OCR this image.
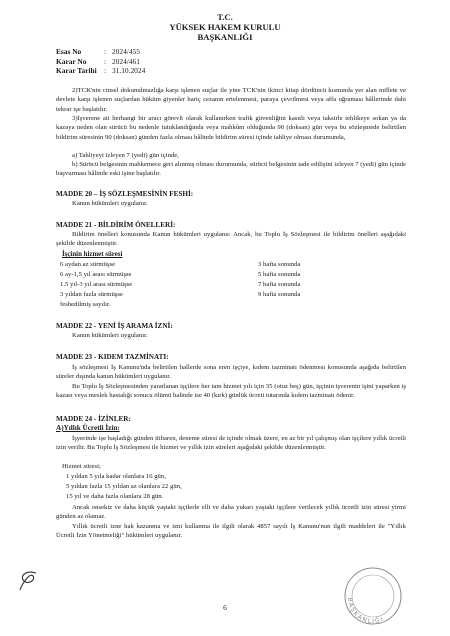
T.C.
YÜKSEK HAKEM KURULU
BAŞKANLIĞI
Esas No	: 2024/455
Karar No : 2024/461
Karar Tarihi : 31.10.2024
2)TCK'nin cinsel dokunulmazlığa karşı işlenen suçlar ile yine TCK'nin ikinci kitap dördüncü kısmında yer alan millete ve devlete karşı işlenen suçlardan hüküm giyenler hariç cezanın ertelenmesi, paraya çevrilmesi veya affa uğraması hâllerinde dahi tekrar işe başlatılır.
3)İşverene ait herhangi bir aracı görevli olarak kullanırken trafik güvenliğini kasıtlı veya taksirle tehlikeye sokan ya da kazaya neden olan sürücü bu nedenle tutuklandığında veya mahkûm olduğunda 90 (doksan) gün veya bu sözleşmede belirtilen bildirim süresinin 90 (doksan) günden fazla olması hâlinde bildirim süresi içinde tahliye olması durumunda,
a) Tahliyeyi izleyen 7 (yedi) gün içinde,
b) Sürücü belgesinin mahkemece geri alınmış olması durumunda, sürücü belgesinin iade edilişini izleyen 7 (yedi) gün içinde başvurması hâlinde eski işine başlatılır.
MADDE 20 – İŞ SÖZLEŞMESİNİN FESHİ:
Kanun hükümleri uygulanır.
MADDE 21 - BİLDİRİM ÖNELLERİ:
Bildirim önelleri konusunda Kanun hükümleri uygulanır. Ancak, bu Toplu İş Sözleşmesi ile bildirim önelleri aşağıdaki şekilde düzenlenmiştir.
İşçinin hizmet süresi
6 aydan az sürmüşse	3 hafta sonunda
6 ay-1,5 yıl arası sürmüşse	5 hafta sonunda
1.5 yıl-3 yıl arası sürmüşse	7 hafta sonunda
3 yıldan fazla sürmüşse	9 hafta sonunda
feshedilmiş sayılır.
MADDE 22 - YENİ İŞ ARAMA İZNİ:
Kanun hükümleri uygulanır.
MADDE 23 - KIDEM TAZMİNATI:
İş sözleşmesi İş Kanunu'nda belirtilen hallerde sona eren işçiye, kıdem tazminatı ödenmesi konusunda aşağıda belirtilen süreler dışında kanun hükümleri uygulanır.
Bu Toplu İş Sözleşmesinden yararlanan işçilere her tam hizmet yılı için 35 (otuz beş) gün, işçinin işverenin işini yaparken iş kazası veya meslek hastalığı sonucu ölümü halinde ise 40 (kırk) günlük ücreti tutarında kıdem tazminatı ödenir.
MADDE 24 - İZİNLER:
A)Yıllık Ücretli İzin:
İşyerinde işe başladığı günden itibaren, deneme süresi de içinde olmak üzere, en az bir yıl çalışmış olan işçilere yıllık ücretli izin verilir. Bu Toplu İş Sözleşmesi ile hizmet ve yıllık izin süreleri aşağıdaki şekilde düzenlenmiştir.
Hizmet süresi;
1 yıldan 5 yıla kadar olanlara 16 gün,
5 yıldan fazla 15 yıldan az olanlara 22 gün,
15 yıl ve daha fazla olanlara 28 gün.
Ancak onsekiz ve daha küçük yaştaki işçilerle elli ve daha yukarı yaştaki işçilere verilecek yıllık ücretli izin süresi yirmi günden az olamaz.
Yıllık ücretli izne hak kazanma ve izni kullanma ile ilgili olarak 4857 sayılı İş Kanunu'nun ilgili maddeleri ile "Yıllık Ücretli İzin Yönetmeliği" hükümleri uygulanır.
BAŞKANLIĞI
6
